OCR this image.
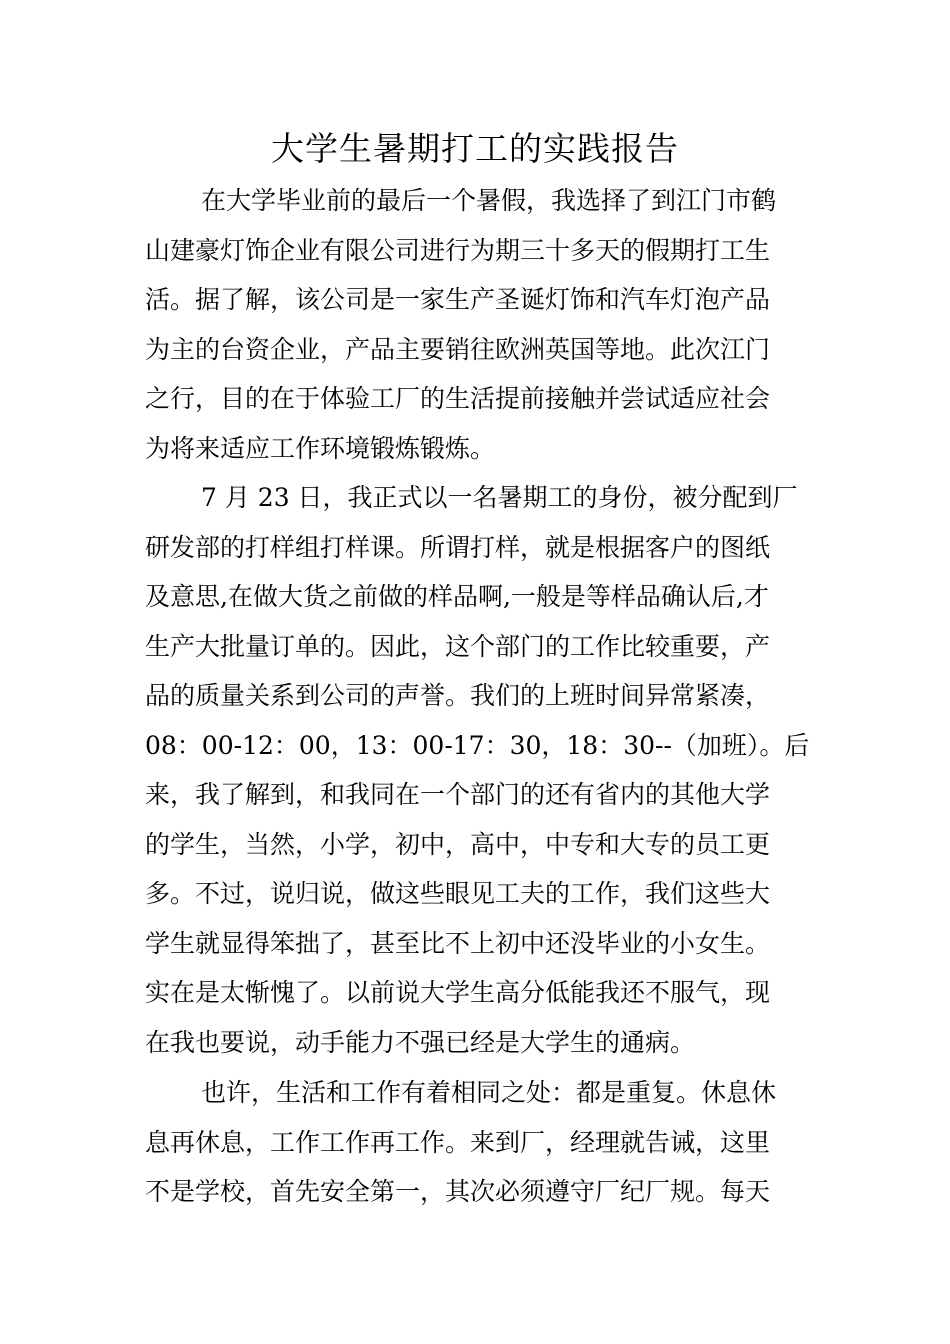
大学生暑期打工的实践报告
在大学毕业前的最后一个暑假，我选择了到江门市鹤
山建豪灯饰企业有限公司进行为期三十多天的假期打工生
活。据了解，该公司是一家生产圣诞灯饰和汽车灯泡产品
为主的台资企业，产品主要销往欧洲英国等地。此次江门
之行，目的在于体验工厂的生活提前接触并尝试适应社会
为将来适应工作环境锻炼锻炼。
7 月 23 日，我正式以一名暑期工的身份，被分配到厂
研发部的打样组打样课。所谓打样，就是根据客户的图纸
及意思,在做大货之前做的样品啊,一般是等样品确认后,才
生产大批量订单的。因此，这个部门的工作比较重要，产
品的质量关系到公司的声誉。我们的上班时间异常紧凑，
08：00-12：00，13：00-17：30，18：30--（加班）。后
来，我了解到，和我同在一个部门的还有省内的其他大学
的学生，当然，小学，初中，高中，中专和大专的员工更
多。不过，说归说，做这些眼见工夫的工作，我们这些大
学生就显得笨拙了，甚至比不上初中还没毕业的小女生。
实在是太惭愧了。以前说大学生高分低能我还不服气，现
在我也要说，动手能力不强已经是大学生的通病。
也许，生活和工作有着相同之处：都是重复。休息休
息再休息，工作工作再工作。来到厂，经理就告诫，这里
不是学校，首先安全第一，其次必须遵守厂纪厂规。每天
